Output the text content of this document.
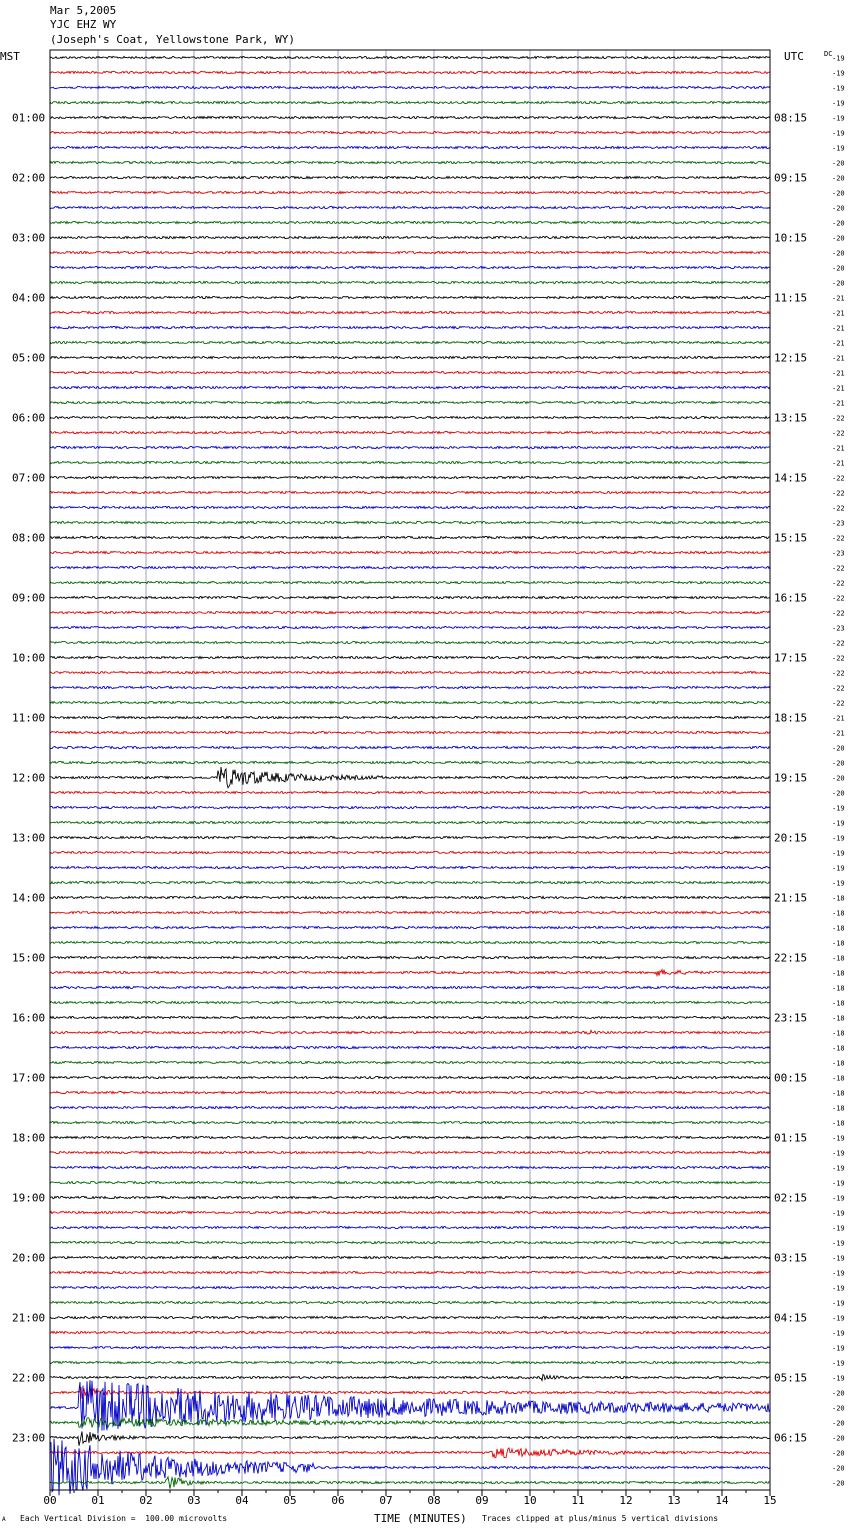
Mar 5,2005
YJC EHZ WY
(Joseph's Coat, Yellowstone Park, WY)
MST	UTC	DC
01:00
02:00
03:00
04:00
05:00
06:00
07:00
08:00
09:00
10:00
11:00
12:00
13:00
14:00
15:00
16:00
17:00
18:00
19:00
20:00
21:00
22:00
23:00
08:15
09:15
10:15
11:15
12:15
13:15
14:15
15:15
16:15
17:15
18:15
19:15
20:15
21:15
22:15
23:15
00:15
01:15
02:15
03:15
04:15
05:15
06:15
-19
-19
-19
-19
-19
-19
-19
-20
-20
-20
-20
-20
-20
-20
-20
-20
-21
-21
-21
-21
-21
-21
-21
-21
-22
-22
-21
-21
-22
-22
-22
-23
-22
-23
-22
-22
-22
-22
-23
-22
-22
-22
-22
-22
-21
-21
-20
-20
-20
-20
-19
-19
-19
-19
-19
-19
-18
-18
-18
-18
-18
-18
-18
-18
-18
-18
-18
-18
-18
-18
-18
-18
-19
-19
-19
-19
-19
-19
-19
-19
-19
-19
-19
-19
-19
-19
-19
-19
-19
-20
-20
-20
-20
-20
-20
-20
00	01	02	03	04	05	06	07	08	09	10	11	12	13	14	15
TIME (MINUTES)
A Each Vertical Division =  100.00 microvolts	Traces clipped at plus/minus 5 vertical divisions
